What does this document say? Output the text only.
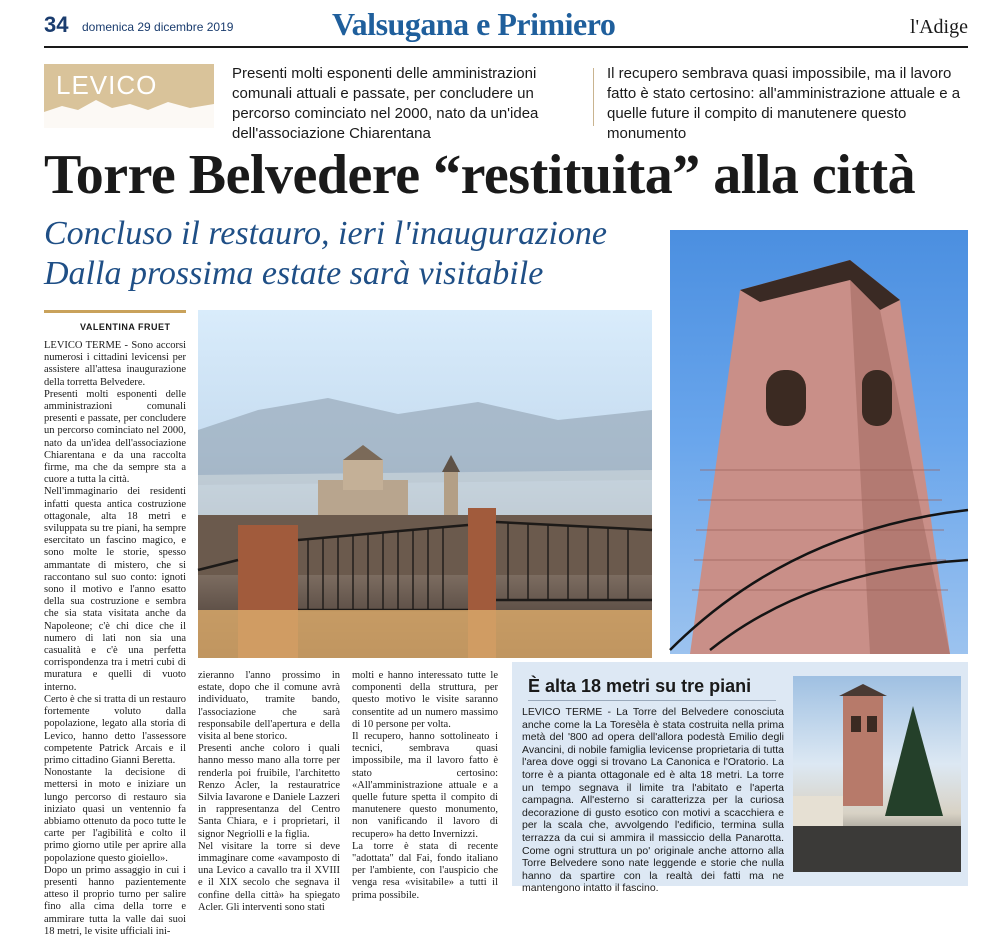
34 domenica 29 dicembre 2019	Valsugana e Primiero	l'Adige
LEVICO	Presenti molti esponenti delle amministrazioni comunali attuali e passate, per concludere un percorso cominciato nel 2000, nato da un'idea dell'associazione Chiarentana
Il recupero sembrava quasi impossibile, ma il lavoro fatto è stato certosino: all'amministrazione attuale e a quelle future il compito di manutenere questo monumento
Torre Belvedere “restituita” alla città
Concluso il restauro, ieri l'inaugurazione
Dalla prossima estate sarà visitabile
VALENTINA FRUET

LEVICO TERME - Sono accorsi numerosi i cittadini levicensi per assistere all'attesa inaugurazione della torretta Belvedere.

Presenti molti esponenti delle amministrazioni comunali presenti e passate, per concludere un percorso cominciato nel 2000, nato da un'idea dell'associazione Chiarentana e da una raccolta firme, ma che da sempre sta a cuore a tutta la città.

Nell'immaginario dei residenti infatti questa antica costruzione ottagonale, alta 18 metri e sviluppata su tre piani, ha sempre esercitato un fascino magico, e sono molte le storie, spesso ammantate di mistero, che si raccontano sul suo conto: ignoti sono il motivo e l'anno esatto della sua costruzione e sembra che sia stata visitata anche da Napoleone; c'è chi dice che il numero di lati non sia una casualità e c'è una perfetta corrispondenza tra i metri cubi di muratura e quelli di vuoto interno.

Certo è che si tratta di un restauro fortemente voluto dalla popolazione, legato alla storia di Levico, hanno detto l'assessore competente Patrick Arcais e il primo cittadino Gianni Beretta.

Nonostante la decisione di mettersi in moto e iniziare un lungo percorso di restauro sia iniziato quasi un ventennio fa abbiamo ottenuto da poco tutte le carte per l'agibilità e colto il primo giorno utile per aprire alla popolazione questo gioiello».

Dopo un primo assaggio in cui i presenti hanno pazientemente atteso il proprio turno per salire fino alla cima della torre e ammirare tutta la valle dai suoi 18 metri, le visite ufficiali ini-

zieranno l'anno prossimo in estate, dopo che il comune avrà individuato, tramite bando, l'associazione che sarà responsabile dell'apertura e della visita al bene storico.

Presenti anche coloro i quali hanno messo mano alla torre per renderla poi fruibile, l'architetto Renzo Acler, la restauratrice Silvia Iavarone e Daniele Lazzeri in rappresentanza del Centro Santa Chiara, e i proprietari, il signor Negriolli e la figlia.

Nel visitare la torre si deve immaginare come «avamposto di una Levico a cavallo tra il XVIII e il XIX secolo che segnava il confine della città» ha spiegato Acler. Gli interventi sono stati

molti e hanno interessato tutte le componenti della struttura, per questo motivo le visite saranno consentite ad un numero massimo di 10 persone per volta.

Il recupero, hanno sottolineato i tecnici, sembrava quasi impossibile, ma il lavoro fatto è stato certosino: «All'amministrazione attuale e a quelle future spetta il compito di manutenere questo monumento, non vanificando il lavoro di recupero» ha detto Invernizzi.

La torre è stata di recente "adottata" dal Fai, fondo italiano per l'ambiente, con l'auspicio che venga resa «visitabile» a tutti il prima possibile.

È alta 18 metri su tre piani
LEVICO TERME - La Torre del Belvedere conosciuta anche come la La Toresèla è stata costruita nella prima metà del '800 ad opera dell'allora podestà Emilio degli Avancini, di nobile famiglia levicense proprietaria di tutta l'area dove oggi si trovano La Canonica e l'Oratorio. La torre è a pianta ottagonale ed è alta 18 metri. La torre un tempo segnava il limite tra l'abitato e l'aperta campagna. All'esterno si caratterizza per la curiosa decorazione di gusto esotico con motivi a scacchiera e per la scala che, avvolgendo l'edificio, termina sulla terrazza da cui si ammira il massiccio della Panarotta. Come ogni struttura un po' originale anche attorno alla Torre Belvedere sono nate leggende e storie che nulla hanno da spartire con la realtà dei fatti ma ne mantengono intatto il fascino.
